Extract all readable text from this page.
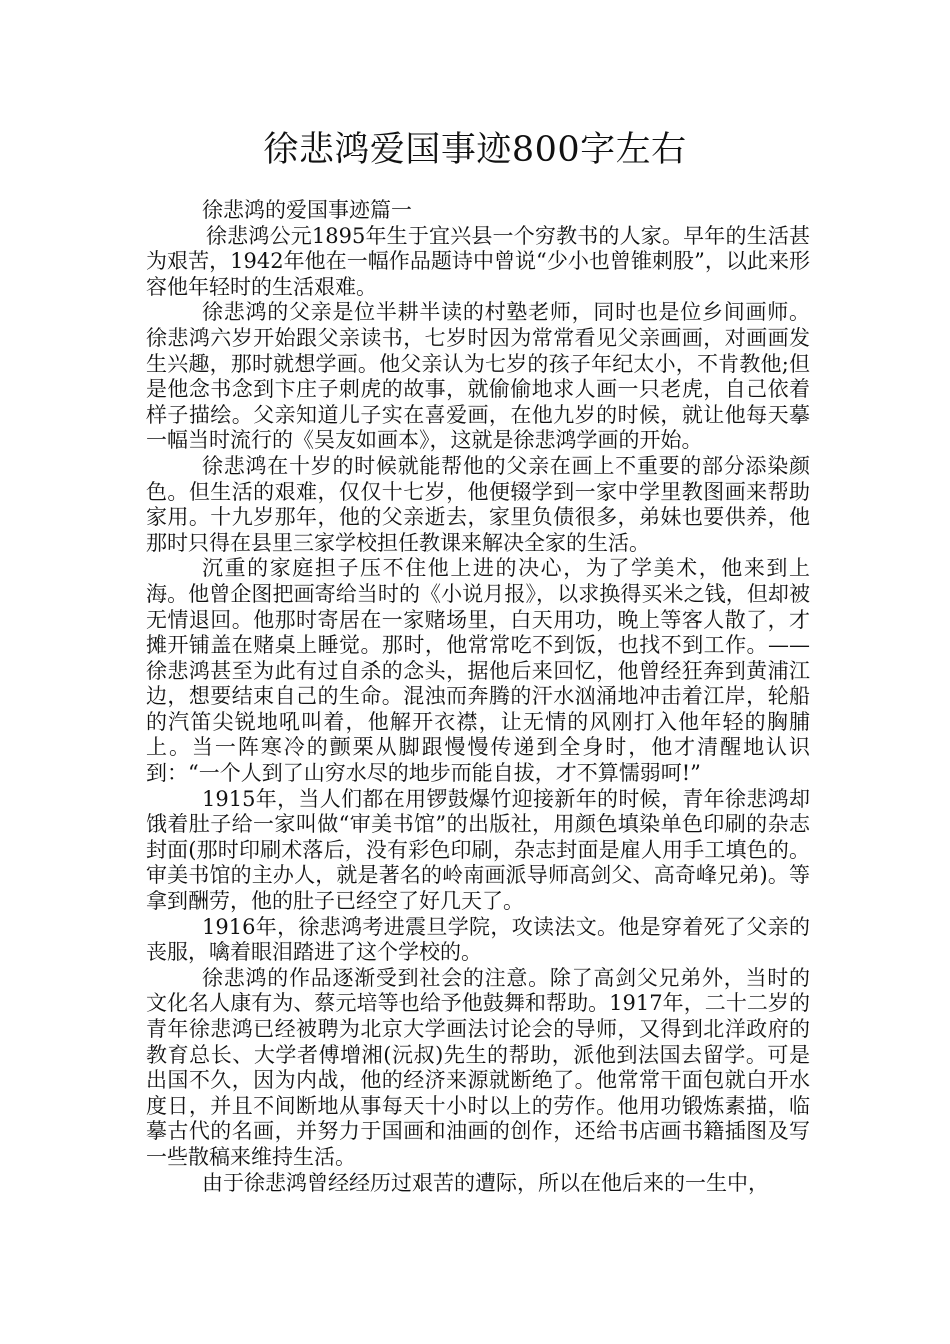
徐悲鸿爱国事迹800字左右

徐悲鸿的爱国事迹篇一

徐悲鸿公元1895年生于宜兴县一个穷教书的人家。早年的生活甚为艰苦，1942年他在一幅作品题诗中曾说“少小也曾锥刺股”，以此来形容他年轻时的生活艰难。

徐悲鸿的父亲是位半耕半读的村塾老师，同时也是位乡间画师。徐悲鸿六岁开始跟父亲读书，七岁时因为常常看见父亲画画，对画画发生兴趣，那时就想学画。他父亲认为七岁的孩子年纪太小，不肯教他;但是他念书念到卞庄子刺虎的故事，就偷偷地求人画一只老虎，自己依着样子描绘。父亲知道儿子实在喜爱画，在他九岁的时候，就让他每天摹一幅当时流行的《吴友如画本》，这就是徐悲鸿学画的开始。

徐悲鸿在十岁的时候就能帮他的父亲在画上不重要的部分添染颜色。但生活的艰难，仅仅十七岁，他便辍学到一家中学里教图画来帮助家用。十九岁那年，他的父亲逝去，家里负债很多，弟妹也要供养，他那时只得在县里三家学校担任教课来解决全家的生活。

沉重的家庭担子压不住他上进的决心，为了学美术，他来到上海。他曾企图把画寄给当时的《小说月报》，以求换得买米之钱，但却被无情退回。他那时寄居在一家赌场里，白天用功，晚上等客人散了，才摊开铺盖在赌桌上睡觉。那时，他常常吃不到饭，也找不到工作。——徐悲鸿甚至为此有过自杀的念头，据他后来回忆，他曾经狂奔到黄浦江边，想要结束自己的生命。混浊而奔腾的汗水汹涌地冲击着江岸，轮船的汽笛尖锐地吼叫着，他解开衣襟，让无情的风刚打入他年轻的胸脯上。当一阵寒冷的颤栗从脚跟慢慢传递到全身时，他才清醒地认识到：“一个人到了山穷水尽的地步而能自拔，才不算懦弱呵!”

1915年，当人们都在用锣鼓爆竹迎接新年的时候，青年徐悲鸿却饿着肚子给一家叫做“审美书馆”的出版社，用颜色填染单色印刷的杂志封面(那时印刷术落后，没有彩色印刷，杂志封面是雇人用手工填色的。审美书馆的主办人，就是著名的岭南画派导师高剑父、高奇峰兄弟)。等拿到酬劳，他的肚子已经空了好几天了。

1916年，徐悲鸿考进震旦学院，攻读法文。他是穿着死了父亲的丧服，噙着眼泪踏进了这个学校的。

徐悲鸿的作品逐渐受到社会的注意。除了高剑父兄弟外，当时的文化名人康有为、蔡元培等也给予他鼓舞和帮助。1917年，二十二岁的青年徐悲鸿已经被聘为北京大学画法讨论会的导师，又得到北洋政府的教育总长、大学者傅增湘(沅叔)先生的帮助，派他到法国去留学。可是出国不久，因为内战，他的经济来源就断绝了。他常常干面包就白开水度日，并且不间断地从事每天十小时以上的劳作。他用功锻炼素描，临摹古代的名画，并努力于国画和油画的创作，还给书店画书籍插图及写一些散稿来维持生活。

由于徐悲鸿曾经经历过艰苦的遭际，所以在他后来的一生中，
